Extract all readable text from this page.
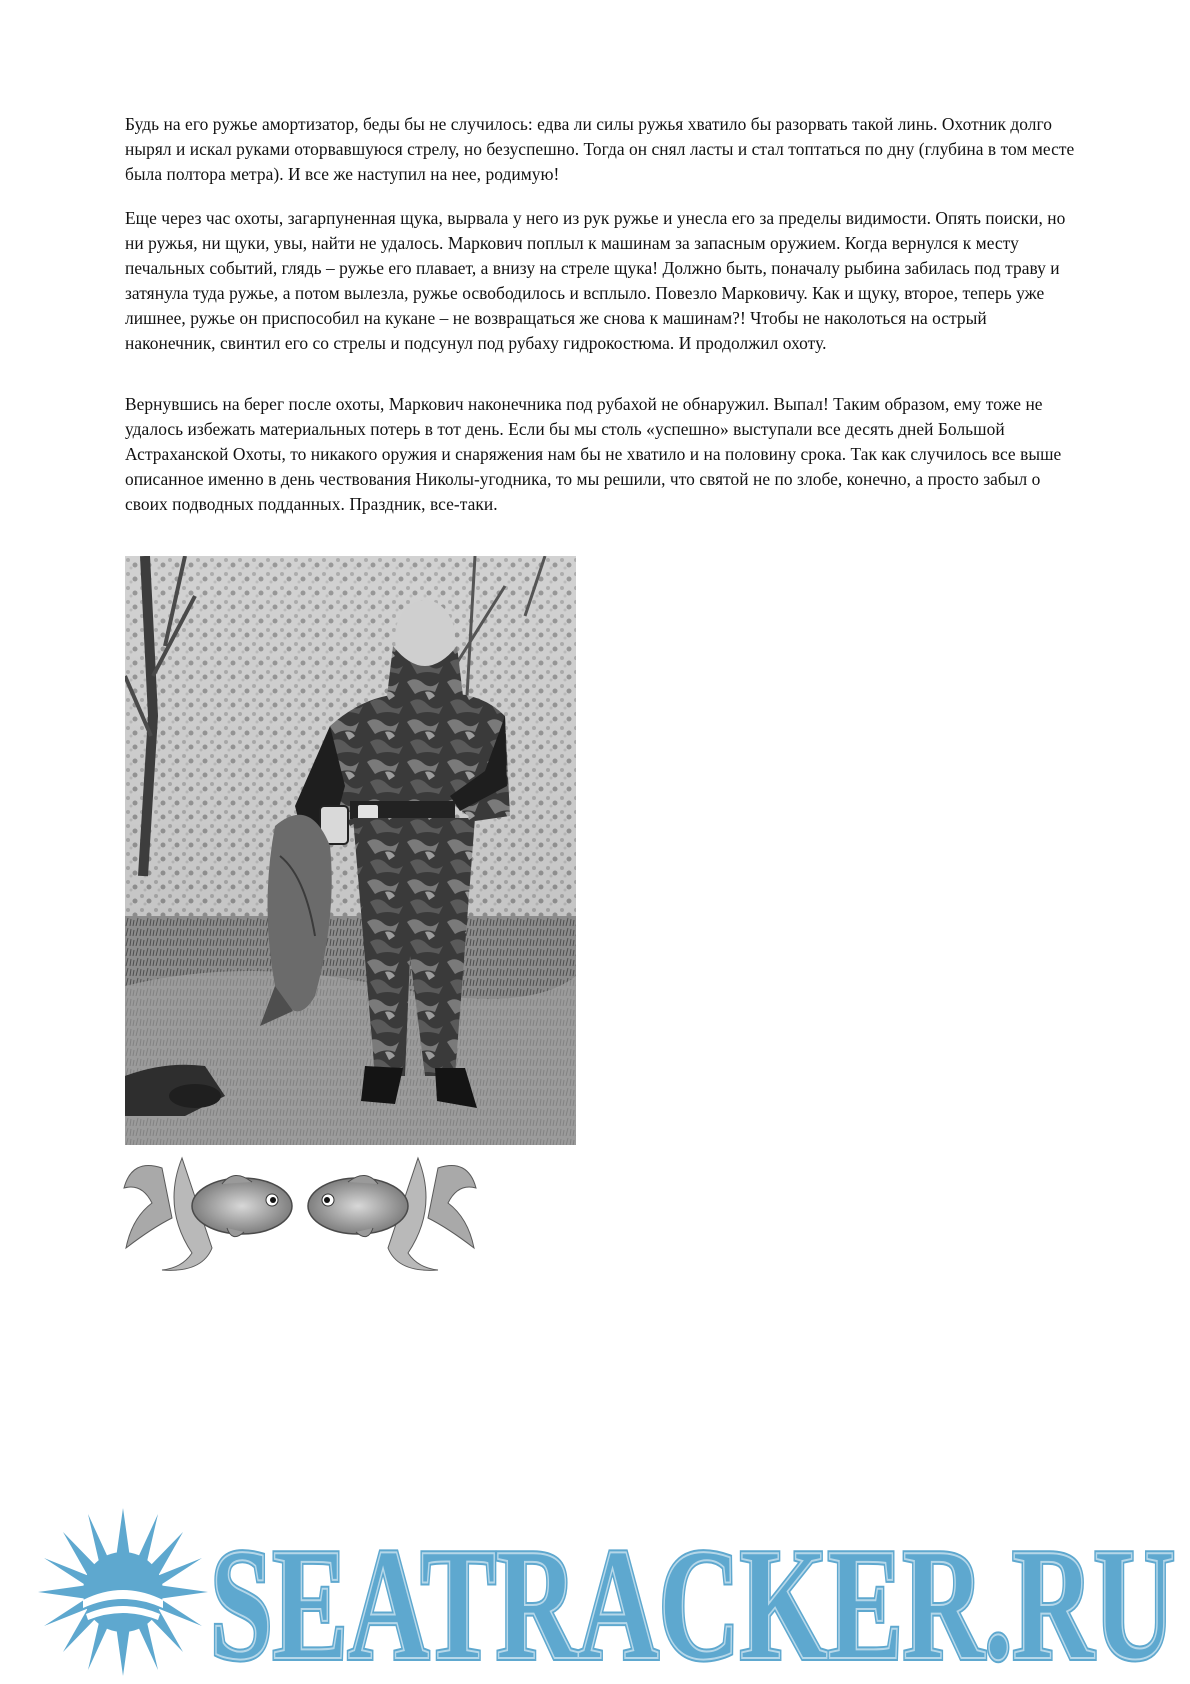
Будь на его ружье амортизатор, беды бы не случилось: едва ли силы ружья хватило бы разорвать такой линь. Охотник долго нырял и искал руками оторвавшуюся стрелу, но безуспешно. Тогда он снял ласты и стал топтаться по дну (глубина в том месте была полтора метра). И все же наступил на нее, родимую!

Еще через час охоты, загарпуненная щука, вырвала у него из рук ружье и унесла его за пределы видимости. Опять поиски, но ни ружья, ни щуки, увы, найти не удалось. Маркович поплыл к машинам за запасным оружием. Когда вернулся к месту печальных событий, глядь – ружье его плавает, а внизу на стреле щука! Должно быть, поначалу рыбина забилась под траву и затянула туда ружье, а потом вылезла, ружье освободилось и всплыло. Повезло Марковичу. Как и щуку, второе, теперь уже лишнее, ружье он приспособил на кукане – не возвращаться же снова к машинам?! Чтобы не наколоться на острый наконечник, свинтил его со стрелы и подсунул под рубаху гидрокостюма. И продолжил охоту.

Вернувшись на берег после охоты, Маркович наконечника под рубахой не обнаружил. Выпал! Таким образом, ему тоже не удалось избежать материальных потерь в тот день. Если бы мы столь «успешно» выступали все десять дней Большой Астраханской Охоты, то никакого оружия и снаряжения нам бы не хватило и на половину срока. Так как случилось все выше описанное именно в день чествования Николы-угодника, то мы решили, что святой не по злобе, конечно, а просто забыл о своих подводных подданных. Праздник, все-таки.

SEATRACKER.RU
SEATRACKER.RU
